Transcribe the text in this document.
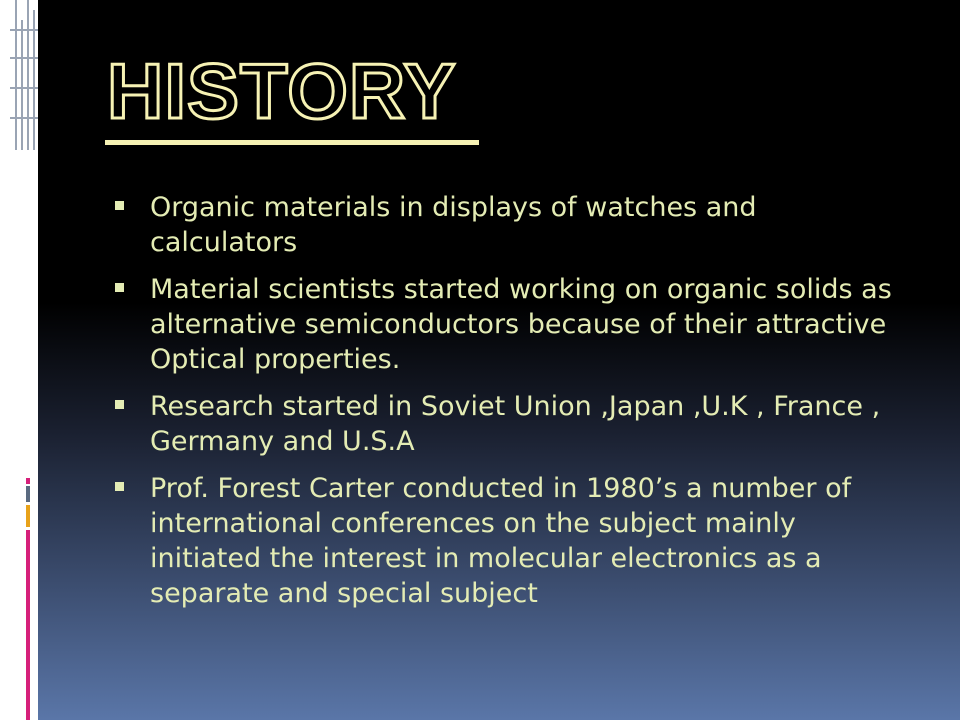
HISTORY
Organic materials in displays of watches and calculators
Material scientists started working on organic solids as alternative semiconductors because of their attractive Optical properties.
Research started in Soviet Union ,Japan ,U.K , France , Germany and U.S.A
Prof. Forest Carter conducted in 1980’s a number of international conferences on the subject mainly initiated the interest in molecular electronics as a separate and special subject
